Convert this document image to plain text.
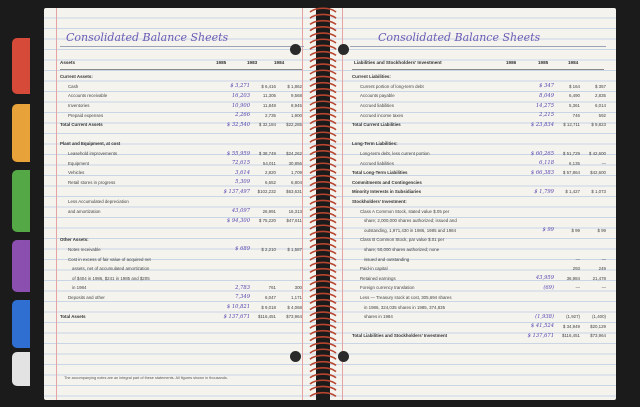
Consolidated Balance Sheets
Assets	1985	1983	1984
Current Assets:			
Cash	$ 3,271	$ 6,416	$ 1,862
Accounts receivable	16,203	11,305	9,568
Inventories	10,900	11,848	8,945
Prepaid expenses	2,266	2,735	1,900
Total Current Assets	$ 32,540	$ 32,184	$22,285

Plant and Equipment, at cost			
Leasehold improvements	$ 55,959	$ 38,749	$24,262
Equipment	72,615	54,011	30,856
Vehicles	3,614	2,820	1,709
Retail stores in progress	5,309	6,652	6,804
	$ 137,497	$102,232	$63,631
Less Accumulated depreciation			
and amortization	43,097	26,991	16,313
	$ 94,300	$ 75,220	$47,611

Other Assets:			
Notes receivable	$ 689	$ 2,210	$ 1,587
Cost in excess of fair value of acquired net			
assets, net of accumulated amortization			
of $404 in 1986, $241 in 1985 and $205			
in 1984	2,783	761	300
Deposits and other	7,349	6,047	1,171
	$ 10,821	$ 9,018	$ 4,068
Total Assets	$ 137,671	$116,451	$73,964
The accompanying notes are an integral part of these statements. All figures shown in thousands.
Consolidated Balance Sheets
Liabilities and Stockholders' Investment	1986	1985	1984
Current Liabilities:			
Current portion of long-term debt	$ 347	$ 164	$ 357
Accounts payable	8,049	6,490	2,835
Accrued liabilities	14,275	5,361	6,014
Accrued income taxes	2,215	746	592
Total Current Liabilities	$ 23,834	$ 12,711	$ 9,823

Long-Term Liabilities:			
Long-term debt, less current portion	$ 60,265	$ 51,729	$ 42,600
Accrued liabilities	6,118	6,135	—
Total Long-Term Liabilities	$ 66,383	$ 57,864	$42,600
Commitments and Contingencies			
Minority Interests in Subsidiaries	$ 1,799	$ 1,427	$ 1,073
Stockholders' Investment:			
Class A Common Stock, stated value $.05 per			
share; 2,000,000 shares authorized; issued and			
outstanding, 1,971,430 in 1986, 1985 and 1984	$ 99	$ 99	$ 99
Class B Common Stock, par value $.01 per			
share; 50,000 shares authorized; none			
issued and outstanding		—	—
Paid-in capital		293	249
Retained earnings	43,959	36,984	21,478
Foreign currency translation	(69)	—	—
Less — Treasury stock at cost, 305,694 shares			
in 1986, 324,035 shares in 1985, 374,835			
shares in 1984	(1,938)	(1,927)	(1,400)
	$ 41,524	$ 34,949	$20,129
Total Liabilities and Stockholders' Investment	$ 137,671	$116,451	$73,964
